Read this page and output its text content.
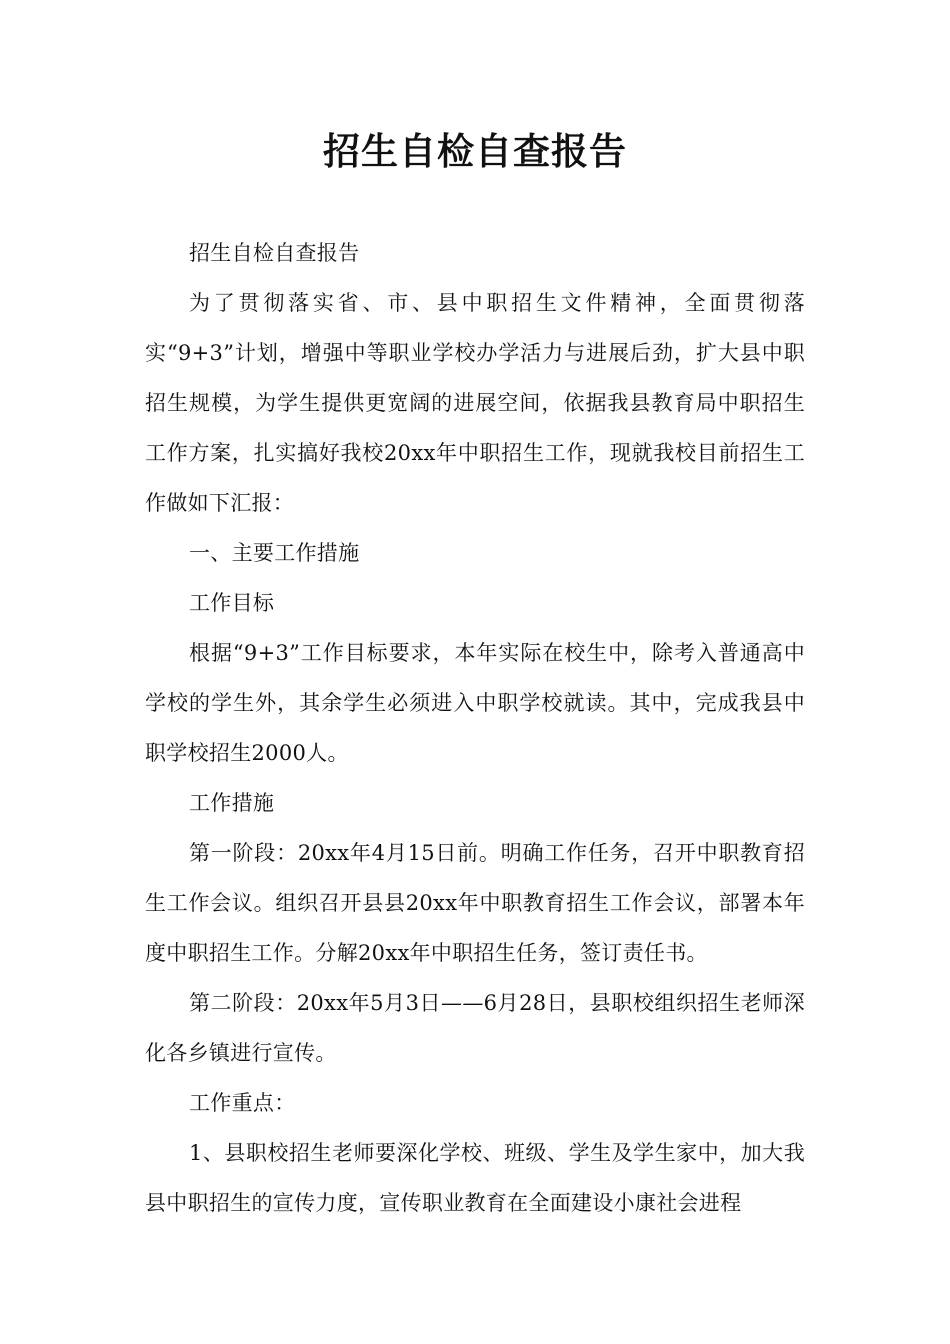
招生自检自查报告

招生自检自查报告

为了贯彻落实省、市、县中职招生文件精神，全面贯彻落实“9+3”计划，增强中等职业学校办学活力与进展后劲，扩大县中职招生规模，为学生提供更宽阔的进展空间，依据我县教育局中职招生工作方案，扎实搞好我校20xx年中职招生工作，现就我校目前招生工作做如下汇报：

一、主要工作措施

工作目标

根据“9+3”工作目标要求，本年实际在校生中，除考入普通高中学校的学生外，其余学生必须进入中职学校就读。其中，完成我县中职学校招生2000人。

工作措施

第一阶段：20xx年4月15日前。明确工作任务，召开中职教育招生工作会议。组织召开县县20xx年中职教育招生工作会议，部署本年度中职招生工作。分解20xx年中职招生任务，签订责任书。

第二阶段：20xx年5月3日——6月28日，县职校组织招生老师深化各乡镇进行宣传。

工作重点：

1、县职校招生老师要深化学校、班级、学生及学生家中，加大我县中职招生的宣传力度，宣传职业教育在全面建设小康社会进程
